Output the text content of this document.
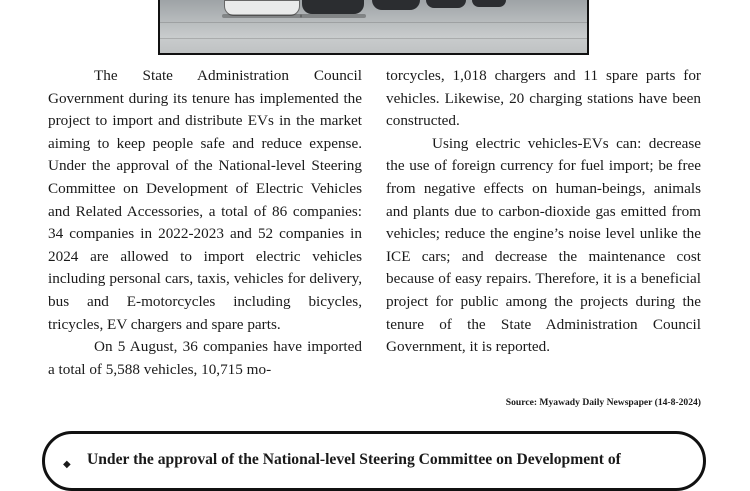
The State Administration Council Government during its tenure has implemented the project to import and distribute EVs in the market aiming to keep people safe and reduce expense. Under the approval of the National-level Steering Committee on Development of Electric Vehicles and Related Accessories, a total of 86 companies: 34 companies in 2022-2023 and 52 companies in 2024 are allowed to import electric vehicles including personal cars, taxis, vehicles for delivery, bus and E-motorcycles including bicycles, tricycles, EV chargers and spare parts.

On 5 August, 36 companies have imported a total of 5,588 vehicles, 10,715 mo-

torcycles, 1,018 chargers and 11 spare parts for vehicles. Likewise, 20 charging stations have been constructed.

Using electric vehicles-EVs can: decrease the use of foreign currency for fuel import; be free from negative effects on human-beings, animals and plants due to carbon-dioxide gas emitted from vehicles; reduce the engine’s noise level unlike the ICE cars; and decrease the maintenance cost because of easy repairs. Therefore, it is a beneficial project for public among the projects during the tenure of the State Administration Council Government, it is reported.

Source: Myawady Daily Newspaper (14-8-2024)
◆ Under the approval of the National-level Steering Committee on Development of
